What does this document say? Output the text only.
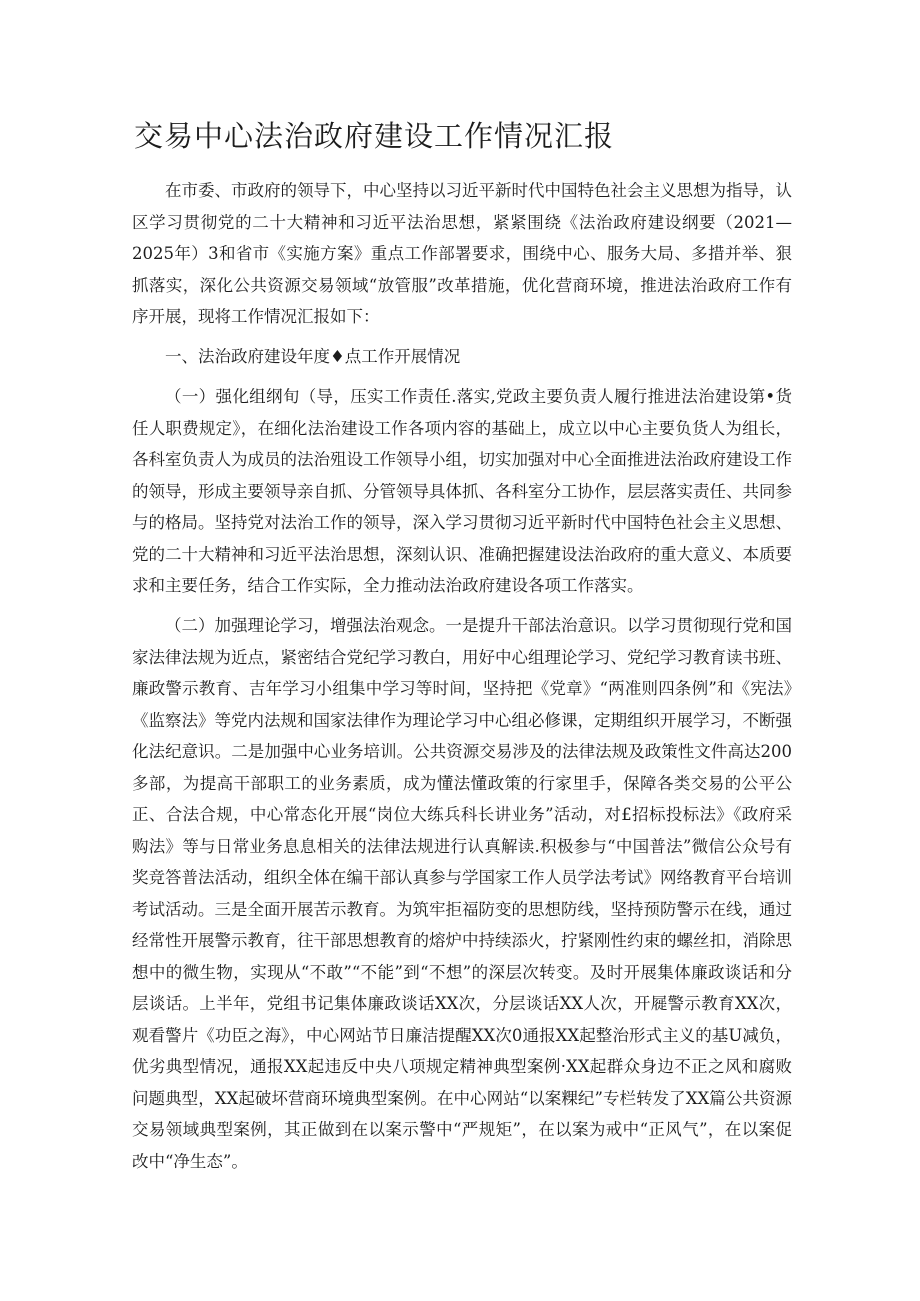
交易中心法治政府建设工作情况汇报

在市委、市政府的领导下，中心坚持以习近平新时代中国特色社会主义思想为指导，认区学习贯彻党的二十大精神和习近平法治思想，紧紧围绕《法治政府建设纲要（2021—2025年）3和省市《实施方案》重点工作部署要求，围绕中心、服务大局、多措并举、狠抓落实，深化公共资源交易领域“放管服”改革措施，优化营商环境，推进法治政府工作有序开展，现将工作情况汇报如下：

一、法治政府建设年度♦点工作开展情况

（一）强化组纲旬（导，压实工作责任.落实,党政主要负责人履行推进法治建设第•货任人职费规定》，在细化法治建设工作各项内容的基础上，成立以中心主要负货人为组长，各科室负责人为成员的法治殂设工作领导小组，切实加强对中心全面推进法治政府建设工作的领导，形成主要领导亲自抓、分管领导具体抓、各科室分工协作，层层落实责任、共同参与的格局。坚持党对法治工作的领导，深入学习贯彻习近平新时代中国特色社会主义思想、党的二十大精神和习近平法治思想，深刻认识、准确把握建设法治政府的重大意义、本质要求和主要任务，结合工作实际，全力推动法治政府建设各项工作落实。

（二）加强理论学习，增强法治观念。一是提升干部法治意识。以学习贯彻现行党和国家法律法规为近点，紧密结合党纪学习教白，用好中心组理论学习、党纪学习教育读书班、廉政警示教育、吉年学习小组集中学习等时间，坚持把《党章》“两准则四条例”和《宪法》《监察法》等党内法规和国家法律作为理论学习中心组必修课，定期组织开展学习，不断强化法纪意识。二是加强中心业务培训。公共资源交易涉及的法律法规及政策性文件高达200多部，为提高干部职工的业务素质，成为懂法懂政策的行家里手，保障各类交易的公平公正、合法合规，中心常态化开展“岗位大练兵科长讲业务”活动，对£招标投标法》《政府采购法》等与日常业务息息相关的法律法规进行认真解读.积极参与“中国普法”微信公众号有奖竞答普法活动，组织全体在编干部认真参与学国家工作人员学法考试》网络教育平台培训考试活动。三是全面开展苦示教育。为筑牢拒福防变的思想防线，坚持预防警示在线，通过经常性开展警示教育，往干部思想教育的熔炉中持续添火，拧紧刚性约束的螺丝扣，消除思想中的微生物，实现从“不敢”“不能”到“不想”的深层次转变。及时开展集体廉政谈话和分层谈话。上半年，党组书记集体廉政谈话XX次，分层谈话XX人次，开屣警示教育XX次，观看警片《功臣之海》，中心网站节日廉洁提醒XX次0通报XX起整治形式主义的基U减负，优劣典型情况，通报XX起违反中央八项规定精神典型案例·XX起群众身边不正之风和腐败问题典型，XX起破坏营商环境典型案例。在中心网站“以案粿纪”专栏转发了XX篇公共资源交易领域典型案例，其正做到在以案示警中“严规矩”，在以案为戒中“正风气”，在以案促改中“净生态”。
